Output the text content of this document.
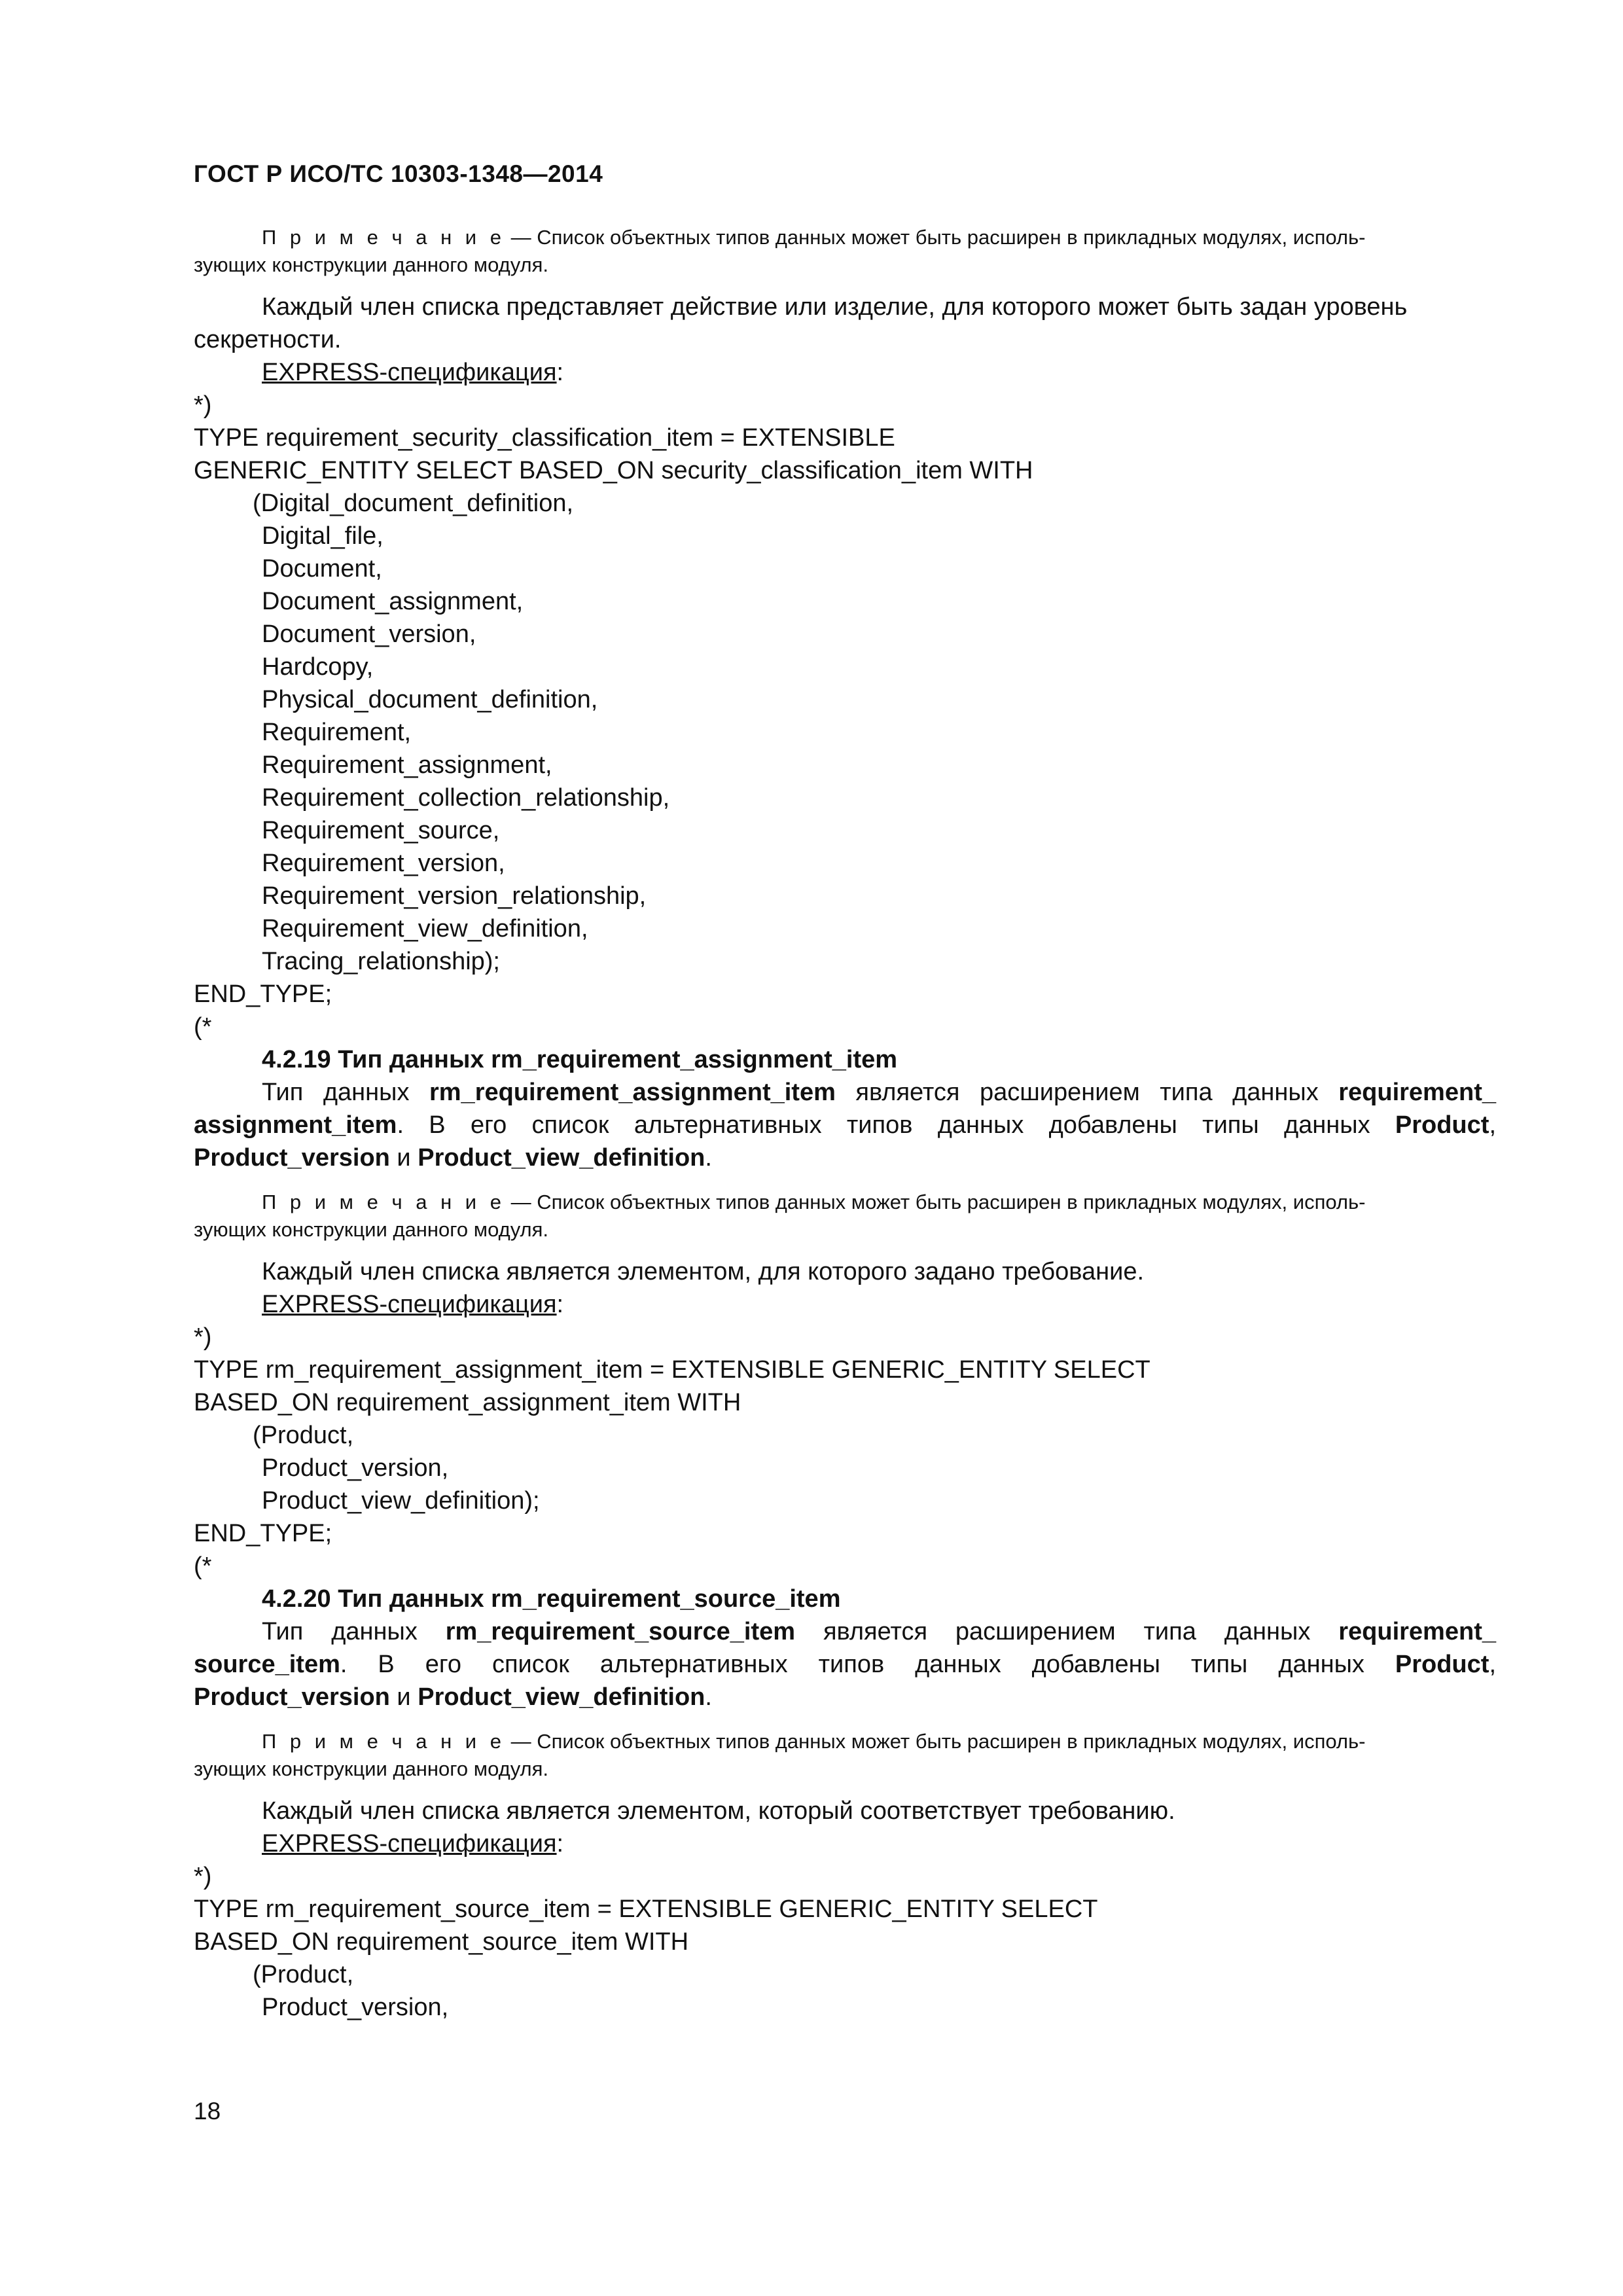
ГОСТ Р ИСО/ТС 10303-1348—2014
П р и м е ч а н и е — Список объектных типов данных может быть расширен в прикладных модулях, исполь-
зующих конструкции данного модуля.
Каждый член списка представляет действие или изделие, для которого может быть задан уровень
секретности.
EXPRESS-спецификация:
*)
TYPE requirement_security_classification_item = EXTENSIBLE
GENERIC_ENTITY SELECT BASED_ON security_classification_item WITH
(Digital_document_definition,
Digital_file,
Document,
Document_assignment,
Document_version,
Hardcopy,
Physical_document_definition,
Requirement,
Requirement_assignment,
Requirement_collection_relationship,
Requirement_source,
Requirement_version,
Requirement_version_relationship,
Requirement_view_definition,
Tracing_relationship);
END_TYPE;
(*
4.2.19 Тип данных rm_requirement_assignment_item
Тип данных rm_requirement_assignment_item является расширением типа данных requirement_
assignment_item. В его список альтернативных типов данных добавлены типы данных Product,
Product_version и Product_view_definition.
П р и м е ч а н и е — Список объектных типов данных может быть расширен в прикладных модулях, исполь-
зующих конструкции данного модуля.
Каждый член списка является элементом, для которого задано требование.
EXPRESS-спецификация:
*)
TYPE rm_requirement_assignment_item = EXTENSIBLE GENERIC_ENTITY SELECT
BASED_ON requirement_assignment_item WITH
(Product,
Product_version,
Product_view_definition);
END_TYPE;
(*
4.2.20 Тип данных rm_requirement_source_item
Тип данных rm_requirement_source_item является расширением типа данных requirement_
source_item. В его список альтернативных типов данных добавлены типы данных Product,
Product_version и Product_view_definition.
П р и м е ч а н и е — Список объектных типов данных может быть расширен в прикладных модулях, исполь-
зующих конструкции данного модуля.
Каждый член списка является элементом, который соответствует требованию.
EXPRESS-спецификация:
*)
TYPE rm_requirement_source_item = EXTENSIBLE GENERIC_ENTITY SELECT
BASED_ON requirement_source_item WITH
(Product,
Product_version,
18
